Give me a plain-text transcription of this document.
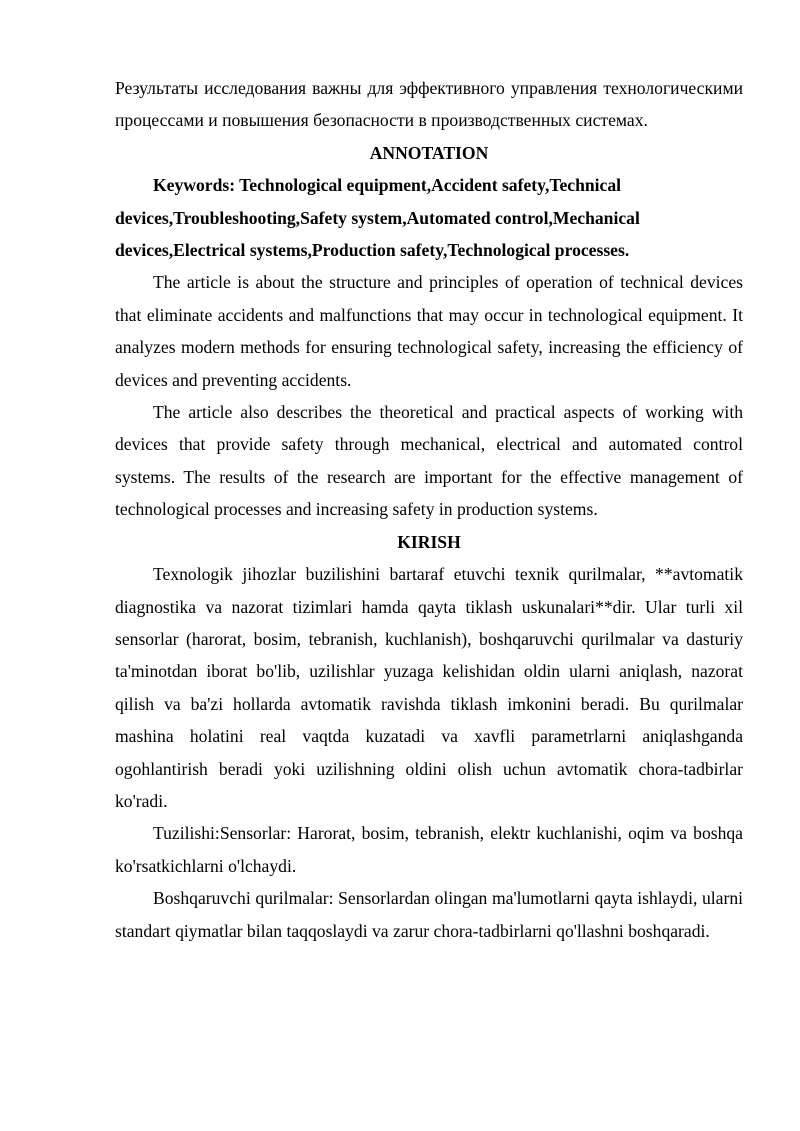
Результаты исследования важны для эффективного управления технологическими процессами и повышения безопасности в производственных системах.

ANNOTATION

Keywords: Technological equipment,Accident safety,Technical devices,Troubleshooting,Safety system,Automated control,Mechanical devices,Electrical systems,Production safety,Technological processes.

The article is about the structure and principles of operation of technical devices that eliminate accidents and malfunctions that may occur in technological equipment. It analyzes modern methods for ensuring technological safety, increasing the efficiency of devices and preventing accidents.

The article also describes the theoretical and practical aspects of working with devices that provide safety through mechanical, electrical and automated control systems. The results of the research are important for the effective management of technological processes and increasing safety in production systems.

KIRISH

Texnologik jihozlar buzilishini bartaraf etuvchi texnik qurilmalar, **avtomatik diagnostika va nazorat tizimlari hamda qayta tiklash uskunalari**dir. Ular turli xil sensorlar (harorat, bosim, tebranish, kuchlanish), boshqaruvchi qurilmalar va dasturiy ta'minotdan iborat bo'lib, uzilishlar yuzaga kelishidan oldin ularni aniqlash, nazorat qilish va ba'zi hollarda avtomatik ravishda tiklash imkonini beradi. Bu qurilmalar mashina holatini real vaqtda kuzatadi va xavfli parametrlarni aniqlashganda ogohlantirish beradi yoki uzilishning oldini olish uchun avtomatik chora-tadbirlar ko'radi.

Tuzilishi:Sensorlar: Harorat, bosim, tebranish, elektr kuchlanishi, oqim va boshqa ko'rsatkichlarni o'lchaydi.

Boshqaruvchi qurilmalar: Sensorlardan olingan ma'lumotlarni qayta ishlaydi, ularni standart qiymatlar bilan taqqoslaydi va zarur chora-tadbirlarni qo'llashni boshqaradi.
